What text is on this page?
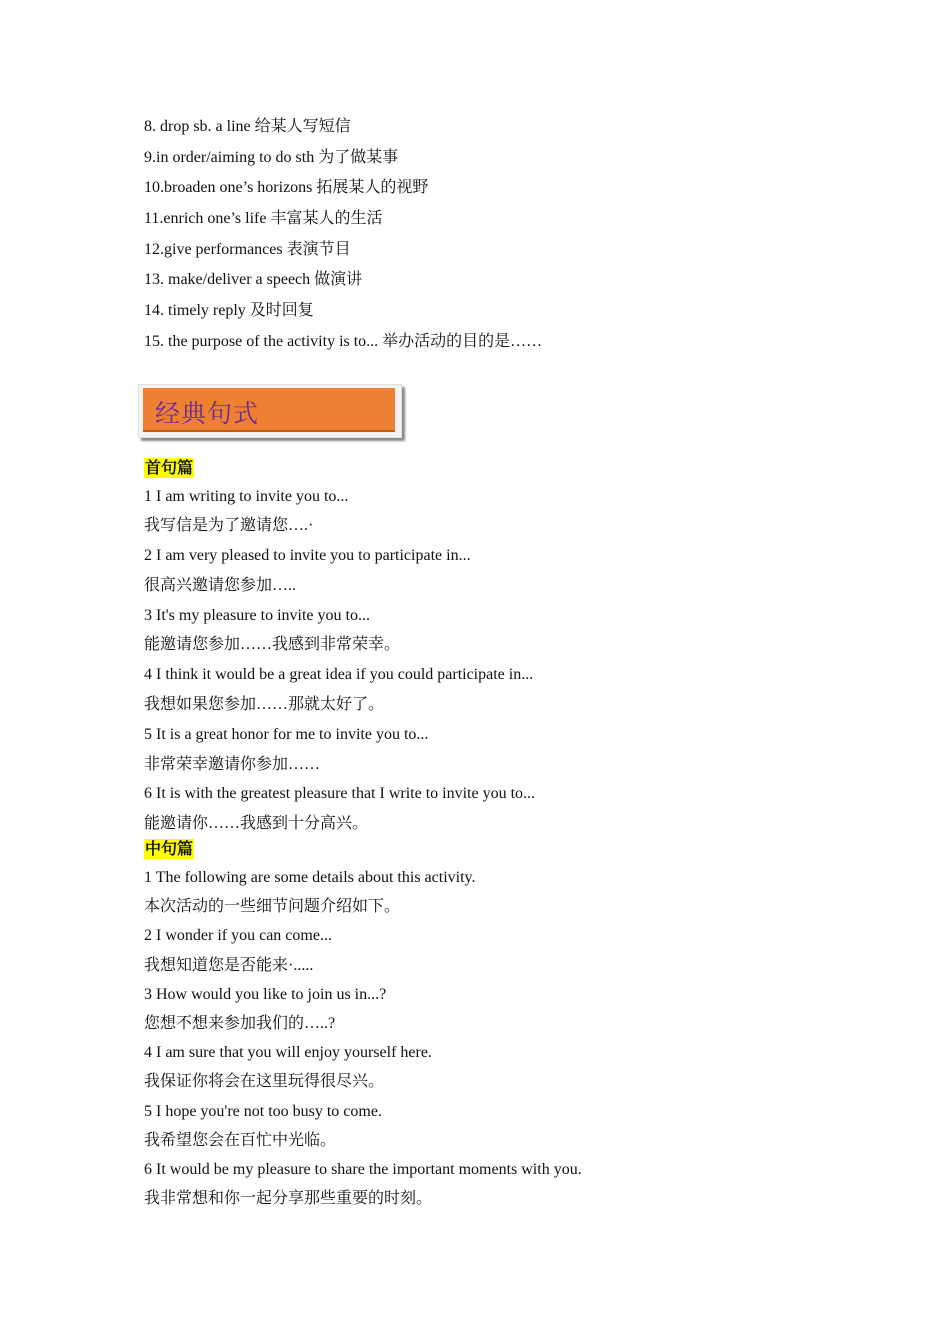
8. drop sb. a line 给某人写短信
9.in order/aiming to do sth 为了做某事
10.broaden one’s horizons 拓展某人的视野
11.enrich one’s life 丰富某人的生活
12.give performances 表演节目
13. make/deliver a speech 做演讲
14. timely reply 及时回复
15. the purpose of the activity is to... 举办活动的目的是……
经典句式
首句篇
1 I am writing to invite you to...
我写信是为了邀请您….·
2 I am very pleased to invite you to participate in...
很高兴邀请您参加…..
3 It's my pleasure to invite you to...
能邀请您参加……我感到非常荣幸。
4 I think it would be a great idea if you could participate in...
我想如果您参加……那就太好了。
5 It is a great honor for me to invite you to...
非常荣幸邀请你参加……
6 It is with the greatest pleasure that I write to invite you to...
能邀请你……我感到十分高兴。
中句篇
1 The following are some details about this activity.
本次活动的一些细节问题介绍如下。
2 I wonder if you can come...
我想知道您是否能来·.....
3 How would you like to join us in...?
您想不想来参加我们的…..?
4 I am sure that you will enjoy yourself here.
我保证你将会在这里玩得很尽兴。
5 I hope you're not too busy to come.
我希望您会在百忙中光临。
6 It would be my pleasure to share the important moments with you.
我非常想和你一起分享那些重要的时刻。
